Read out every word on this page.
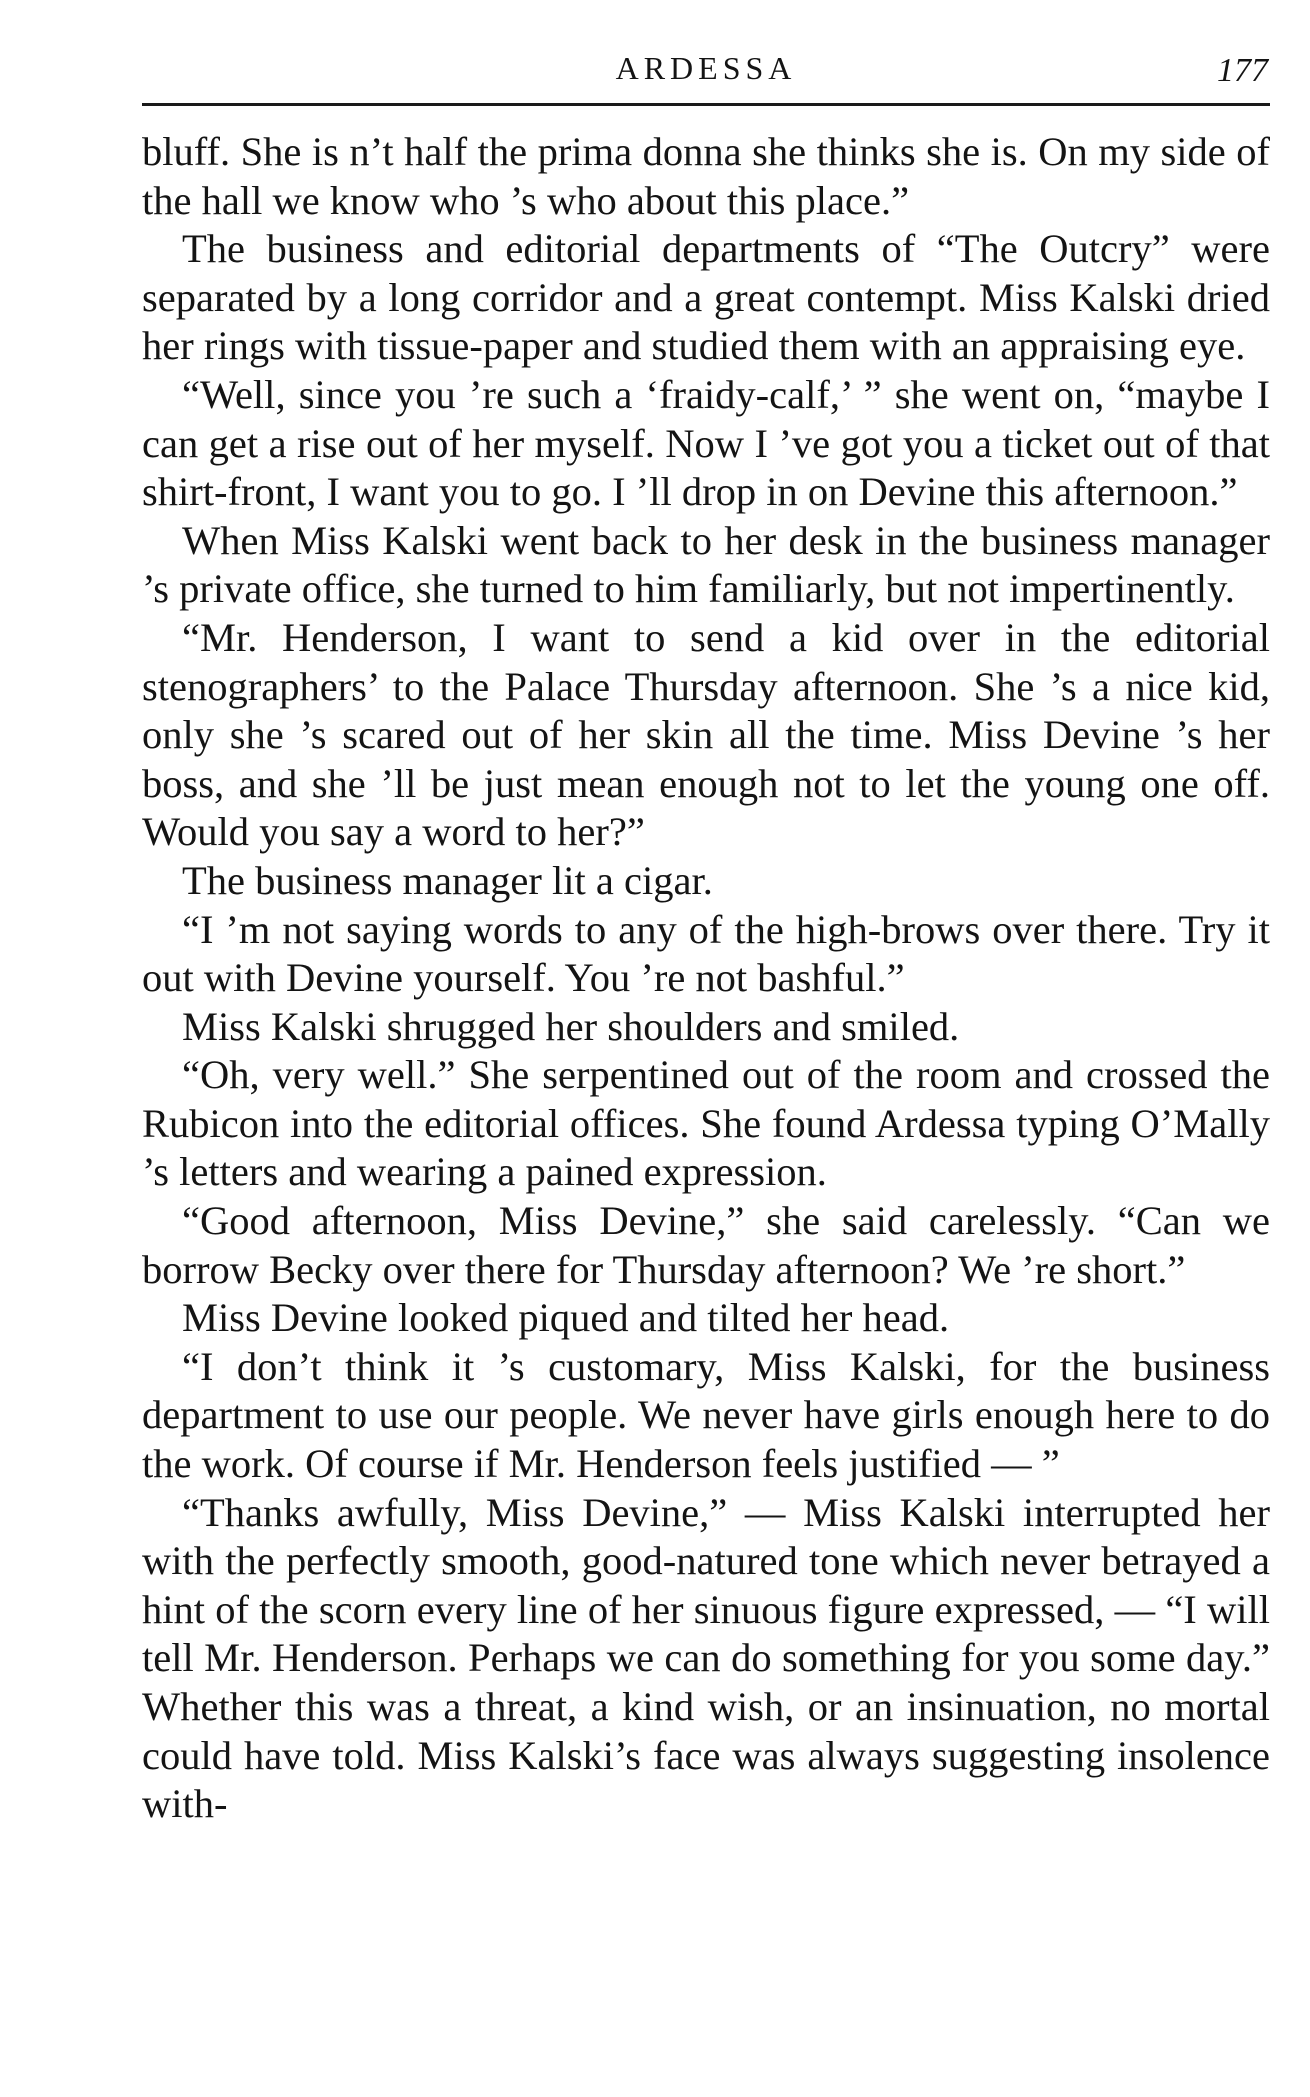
ARDESSA	177

bluff. She is n’t half the prima donna she thinks she is. On my side of the hall we know who ’s who about this place.”

The business and editorial departments of “The Outcry” were separated by a long corridor and a great contempt. Miss Kalski dried her rings with tissue-paper and studied them with an appraising eye.

“Well, since you ’re such a ‘fraidy-calf,’ ” she went on, “maybe I can get a rise out of her myself. Now I ’ve got you a ticket out of that shirt-front, I want you to go. I ’ll drop in on Devine this afternoon.”

When Miss Kalski went back to her desk in the business manager ’s private office, she turned to him familiarly, but not impertinently.

“Mr. Henderson, I want to send a kid over in the editorial stenographers’ to the Palace Thursday afternoon. She ’s a nice kid, only she ’s scared out of her skin all the time. Miss Devine ’s her boss, and she ’ll be just mean enough not to let the young one off. Would you say a word to her?”

The business manager lit a cigar.

“I ’m not saying words to any of the high-brows over there. Try it out with Devine yourself. You ’re not bashful.”

Miss Kalski shrugged her shoulders and smiled.

“Oh, very well.” She serpentined out of the room and crossed the Rubicon into the editorial offices. She found Ardessa typing O’Mally ’s letters and wearing a pained expression.

“Good afternoon, Miss Devine,” she said carelessly. “Can we borrow Becky over there for Thursday afternoon? We ’re short.”

Miss Devine looked piqued and tilted her head.

“I don’t think it ’s customary, Miss Kalski, for the business department to use our people. We never have girls enough here to do the work. Of course if Mr. Henderson feels justified — ”

“Thanks awfully, Miss Devine,” — Miss Kalski interrupted her with the perfectly smooth, good-natured tone which never betrayed a hint of the scorn every line of her sinuous figure expressed, — “I will tell Mr. Henderson. Perhaps we can do something for you some day.” Whether this was a threat, a kind wish, or an insinuation, no mortal could have told. Miss Kalski’s face was always suggesting insolence with-
